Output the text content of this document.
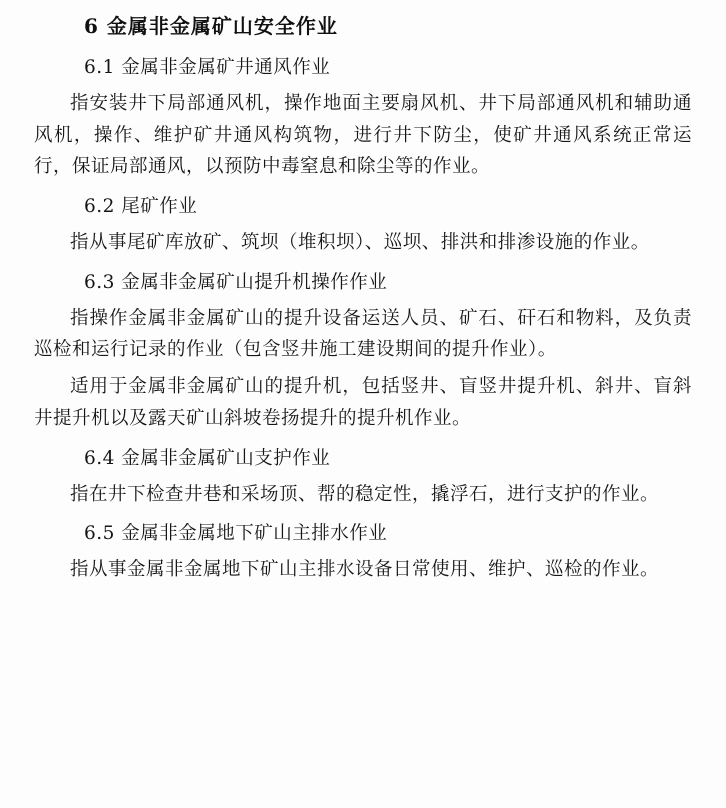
6 金属非金属矿山安全作业
6.1 金属非金属矿井通风作业

指安装井下局部通风机，操作地面主要扇风机、井下局部通风机和辅助通风机，操作、维护矿井通风构筑物，进行井下防尘，使矿井通风系统正常运行，保证局部通风，以预防中毒窒息和除尘等的作业。

6.2 尾矿作业

指从事尾矿库放矿、筑坝（堆积坝）、巡坝、排洪和排渗设施的作业。

6.3 金属非金属矿山提升机操作作业

指操作金属非金属矿山的提升设备运送人员、矿石、矸石和物料，及负责巡检和运行记录的作业（包含竖井施工建设期间的提升作业）。

适用于金属非金属矿山的提升机，包括竖井、盲竖井提升机、斜井、盲斜井提升机以及露天矿山斜坡卷扬提升的提升机作业。

6.4 金属非金属矿山支护作业

指在井下检查井巷和采场顶、帮的稳定性，撬浮石，进行支护的作业。

6.5 金属非金属地下矿山主排水作业

指从事金属非金属地下矿山主排水设备日常使用、维护、巡检的作业。
